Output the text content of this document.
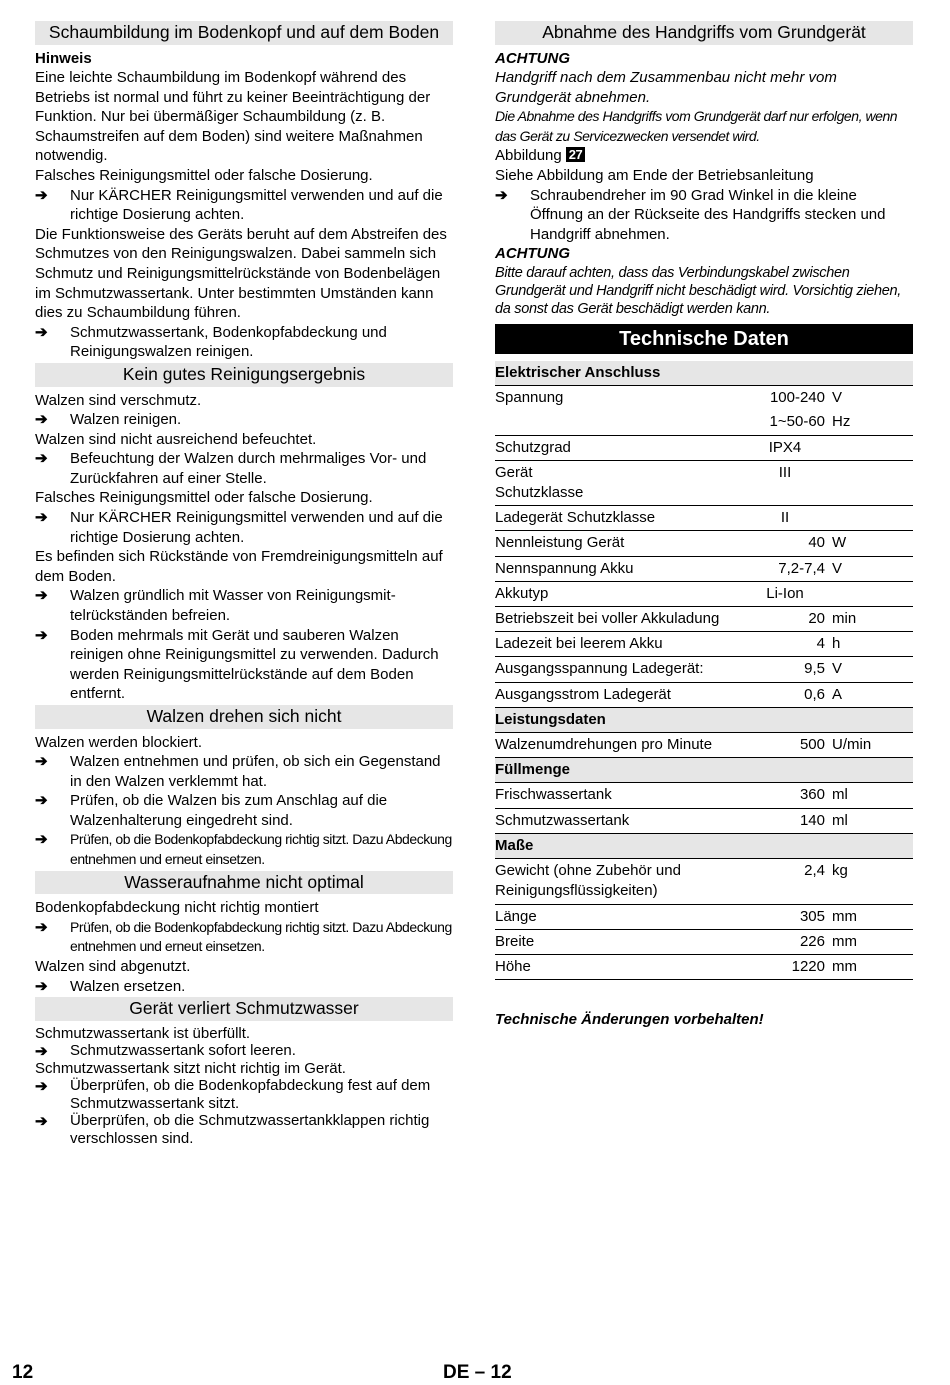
Schaumbildung im Bodenkopf und auf dem Boden

Hinweis

Eine leichte Schaumbildung im Bodenkopf während des Betriebs ist normal und führt zu keiner Beeinträchtigung der Funktion. Nur bei übermäßiger Schaumbildung (z. B. Schaumstreifen auf dem Boden) sind weitere Maßnahmen notwendig.

Falsches Reinigungsmittel oder falsche Dosierung.

➔ Nur KÄRCHER Reinigungsmittel verwenden und auf die richtige Dosierung achten.

Die Funktionsweise des Geräts beruht auf dem Abstreifen des Schmutzes von den Reinigungswalzen. Dabei sammeln sich Schmutz und Reinigungsmittelrückstände von Bodenbelägen im Schmutzwassertank. Unter bestimmten Umständen kann dies zu Schaumbildung führen.

➔ Schmutzwassertank, Bodenkopfabdeckung und Reinigungswalzen reinigen.
Kein gutes Reinigungsergebnis

Walzen sind verschmutz.

➔ Walzen reinigen.

Walzen sind nicht ausreichend befeuchtet.

➔ Befeuchtung der Walzen durch mehrmaliges Vor- und Zurückfahren auf einer Stelle.

Falsches Reinigungsmittel oder falsche Dosierung.

➔ Nur KÄRCHER Reinigungsmittel verwenden und auf die richtige Dosierung achten.

Es befinden sich Rückstände von Fremdreinigungsmitteln auf dem Boden.

➔ Walzen gründlich mit Wasser von Reinigungsmittelrückständen befreien.
➔ Boden mehrmals mit Gerät und sauberen Walzen reinigen ohne Reinigungsmittel zu verwenden. Dadurch werden Reinigungsmittelrückstände auf dem Boden entfernt.
Walzen drehen sich nicht

Walzen werden blockiert.

➔ Walzen entnehmen und prüfen, ob sich ein Gegenstand in den Walzen verklemmt hat.
➔ Prüfen, ob die Walzen bis zum Anschlag auf die Walzenhalterung eingedreht sind.
➔ Prüfen, ob die Bodenkopfabdeckung richtig sitzt. Dazu Abdeckung entnehmen und erneut einsetzen.
Wasseraufnahme nicht optimal

Bodenkopfabdeckung nicht richtig montiert

➔ Prüfen, ob die Bodenkopfabdeckung richtig sitzt. Dazu Abdeckung entnehmen und erneut einsetzen.

Walzen sind abgenutzt.

➔ Walzen ersetzen.
Gerät verliert Schmutzwasser

Schmutzwassertank ist überfüllt.

➔ Schmutzwassertank sofort leeren.

Schmutzwassertank sitzt nicht richtig im Gerät.

➔ Überprüfen, ob die Bodenkopfabdeckung fest auf dem Schmutzwassertank sitzt.
➔ Überprüfen, ob die Schmutzwassertankklappen richtig verschlossen sind.
Abnahme des Handgriffs vom Grundgerät

ACHTUNG

Handgriff nach dem Zusammenbau nicht mehr vom Grundgerät abnehmen.

Die Abnahme des Handgriffs vom Grundgerät darf nur erfolgen, wenn das Gerät zu Servicezwecken versendet wird.

Abbildung 27

Siehe Abbildung am Ende der Betriebsanleitung

➔ Schraubendreher im 90 Grad Winkel in die kleine Öffnung an der Rückseite des Handgriffs stecken und Handgriff abnehmen.

ACHTUNG

Bitte darauf achten, dass das Verbindungskabel zwischen Grundgerät und Handgriff nicht beschädigt wird. Vorsichtig ziehen, da sonst das Gerät beschädigt werden kann.

Technische Daten
Elektrischer Anschluss		
Spannung	100-240	V
	1~50-60	Hz
Schutzgrad	IPX4	

Gerät
Schutzklasse	III	
Ladegerät Schutzklasse	II	
Nennleistung Gerät	40	W
Nennspannung Akku	7,2-7,4	V
Akkutyp	Li-Ion	
Betriebszeit bei voller Akkuladung	20	min
Ladezeit bei leerem Akku	4	h
Ausgangsspannung Ladegerät:	9,5	V
Ausgangsstrom Ladegerät	0,6	A
Leistungsdaten		
Walzenumdrehungen pro Minute	500	U/min
Füllmenge		
Frischwassertank	360	ml
Schmutzwassertank	140	ml
Maße		
Gewicht (ohne Zubehör und Reinigungsflüssigkeiten)	2,4	kg
Länge	305	mm
Breite	226	mm
Höhe	1220	mm

Technische Änderungen vorbehalten!

12	DE – 12
